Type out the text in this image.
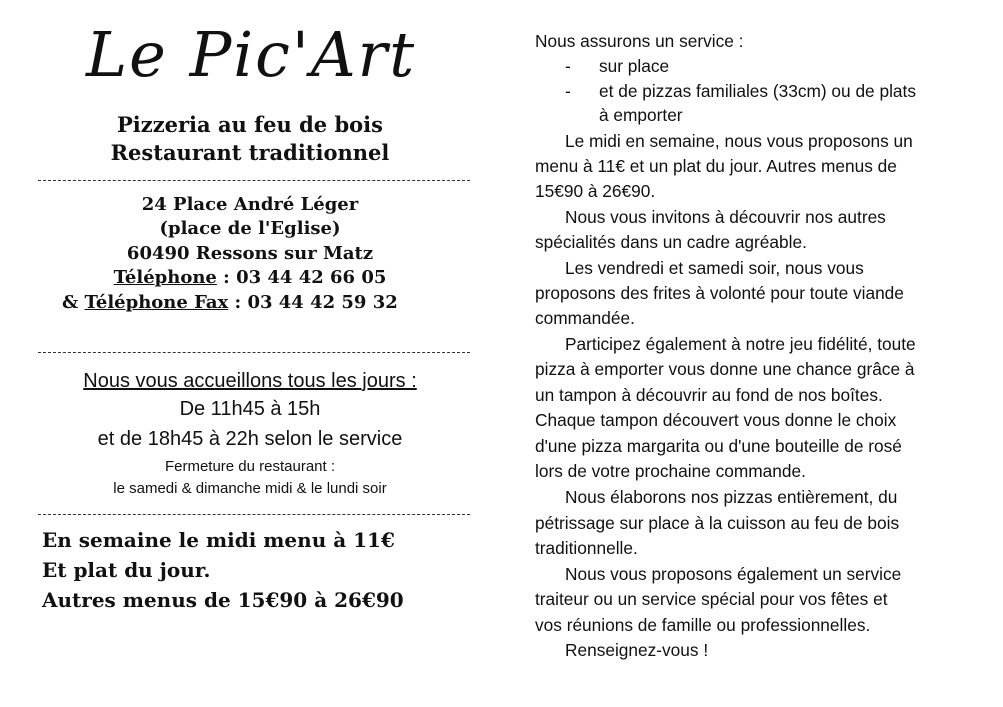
Le Pic'Art
Pizzeria au feu de bois
Restaurant traditionnel
24 Place André Léger
(place de l'Eglise)
60490 Ressons sur Matz
Téléphone : 03 44 42 66 05
& Téléphone Fax : 03 44 42 59 32
Nous vous accueillons tous les jours :
De 11h45 à 15h
et de 18h45 à 22h selon le service
Fermeture du restaurant :
le samedi & dimanche midi & le lundi soir
En semaine le midi menu à 11€
Et plat du jour.
Autres menus de 15€90 à 26€90
Nous assurons un service :
- sur place
- et de pizzas familiales (33cm) ou de plats
à emporter
Le midi en semaine, nous vous proposons un
menu à 11€ et un plat du jour. Autres menus de
15€90 à 26€90.
Nous vous invitons à découvrir nos autres
spécialités dans un cadre agréable.
Les vendredi et samedi soir, nous vous
proposons des frites à volonté pour toute viande
commandée.
Participez également à notre jeu fidélité, toute
pizza à emporter vous donne une chance grâce à
un tampon à découvrir au fond de nos boîtes.
Chaque tampon découvert vous donne le choix
d'une pizza margarita ou d'une bouteille de rosé
lors de votre prochaine commande.
Nous élaborons nos pizzas entièrement, du
pétrissage sur place à la cuisson au feu de bois
traditionnelle.
Nous vous proposons également un service
traiteur ou un service spécial pour vos fêtes et
vos réunions de famille ou professionnelles.
Renseignez-vous !
